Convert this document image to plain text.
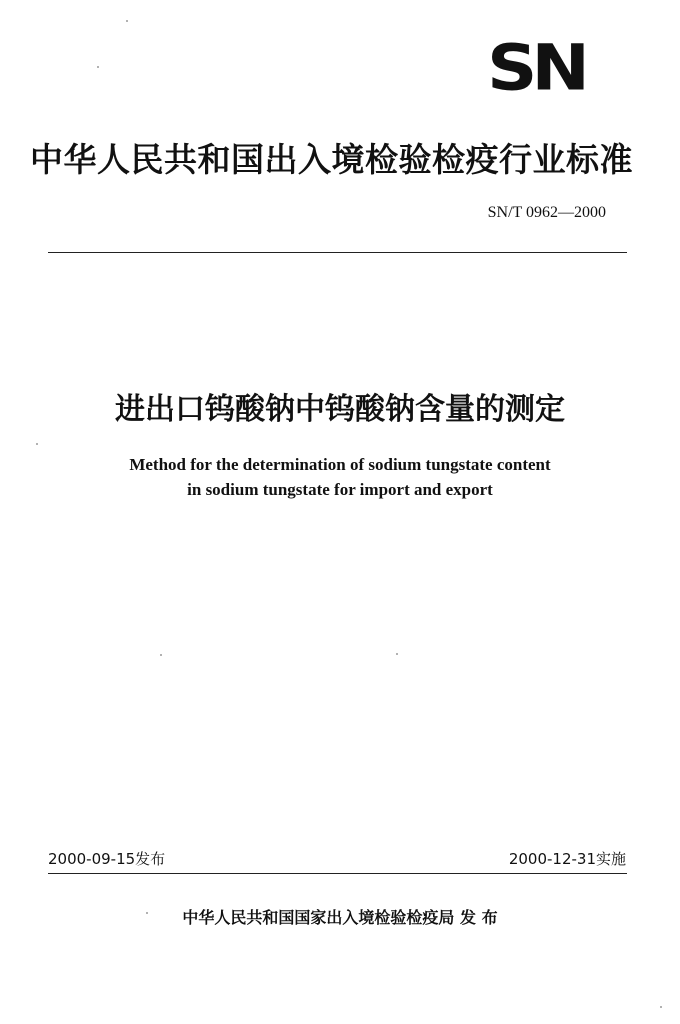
SN
中华人民共和国出入境检验检疫行业标准
SN/T 0962—2000
进出口钨酸钠中钨酸钠含量的测定
Method for the determination of sodium tungstate content
in sodium tungstate for import and export
2000-09-15发布	2000-12-31实施
中华人民共和国国家出入境检验检疫局 发 布
